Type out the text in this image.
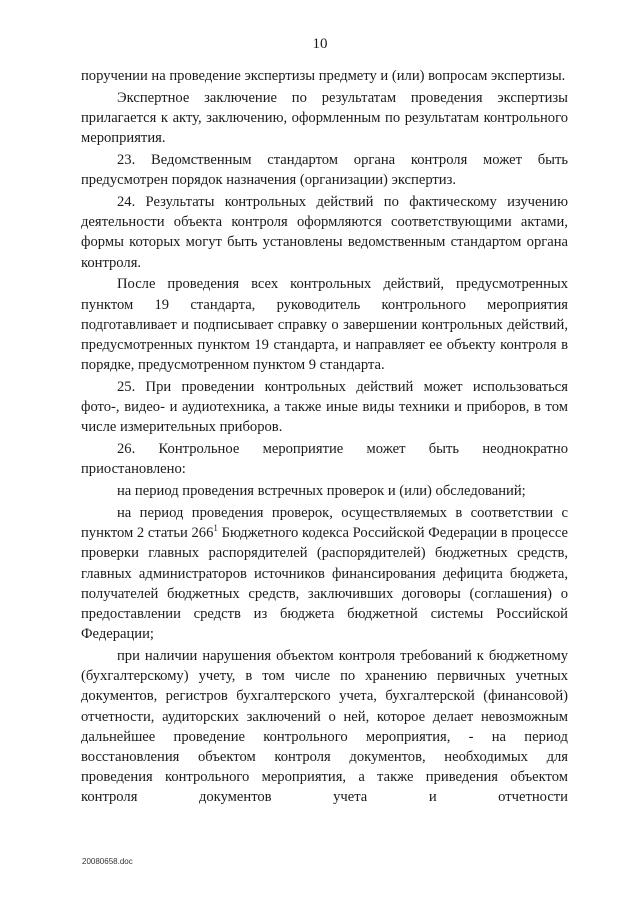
10

поручении на проведение экспертизы предмету и (или) вопросам экспертизы.

Экспертное заключение по результатам проведения экспертизы прилагается к акту, заключению, оформленным по результатам контрольного мероприятия.

23. Ведомственным стандартом органа контроля может быть предусмотрен порядок назначения (организации) экспертиз.

24. Результаты контрольных действий по фактическому изучению деятельности объекта контроля оформляются соответствующими актами, формы которых могут быть установлены ведомственным стандартом органа контроля.

После проведения всех контрольных действий, предусмотренных пунктом 19 стандарта, руководитель контрольного мероприятия подготавливает и подписывает справку о завершении контрольных действий, предусмотренных пунктом 19 стандарта, и направляет ее объекту контроля в порядке, предусмотренном пунктом 9 стандарта.

25. При проведении контрольных действий может использоваться фото-, видео- и аудиотехника, а также иные виды техники и приборов, в том числе измерительных приборов.

26. Контрольное мероприятие может быть неоднократно приостановлено:

на период проведения встречных проверок и (или) обследований;

на период проведения проверок, осуществляемых в соответствии с пунктом 2 статьи $266^1$ Бюджетного кодекса Российской Федерации в процессе проверки главных распорядителей (распорядителей) бюджетных средств, главных администраторов источников финансирования дефицита бюджета, получателей бюджетных средств, заключивших договоры (соглашения) о предоставлении средств из бюджета бюджетной системы Российской Федерации;

при наличии нарушения объектом контроля требований к бюджетному (бухгалтерскому) учету, в том числе по хранению первичных учетных документов, регистров бухгалтерского учета, бухгалтерской (финансовой) отчетности, аудиторских заключений о ней, которое делает невозможным дальнейшее проведение контрольного мероприятия, - на период восстановления объектом контроля документов, необходимых для проведения контрольного мероприятия, а также приведения объектом контроля документов учета и отчетности

20080658.doc
